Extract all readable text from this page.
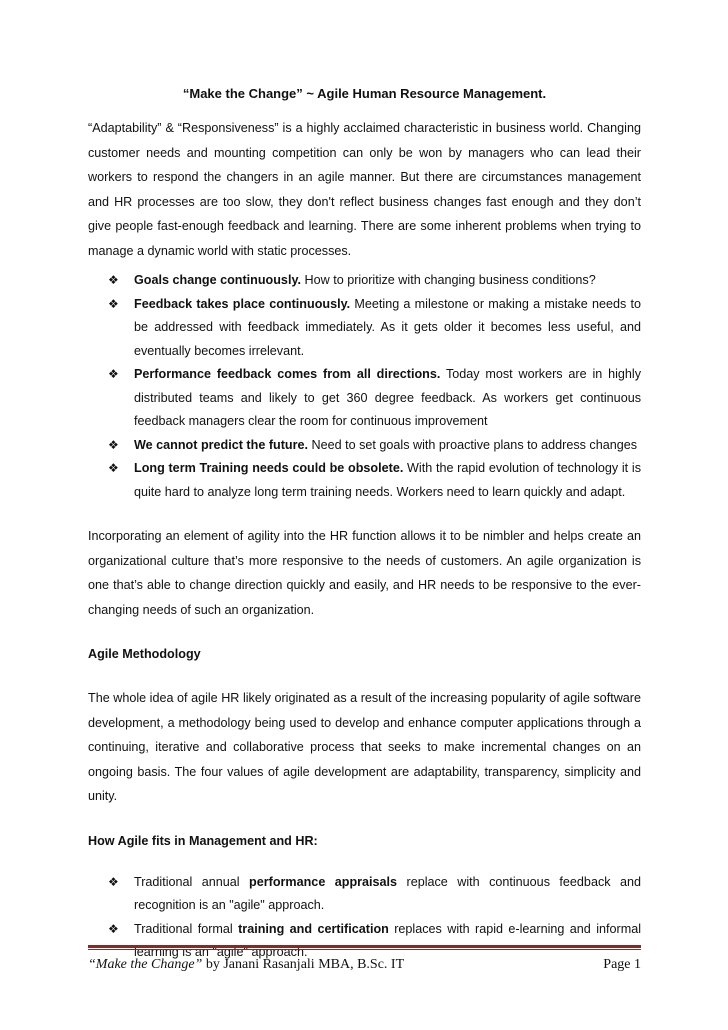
“Make the Change” ~ Agile Human Resource Management.

“Adaptability” & “Responsiveness” is a highly acclaimed characteristic in business world. Changing customer needs and mounting competition can only be won by managers who can lead their workers to respond the changers in an agile manner. But there are circumstances management and HR processes are too slow, they don't reflect business changes fast enough and they don’t give people fast-enough feedback and learning. There are some inherent problems when trying to manage a dynamic world with static processes.

❖ Goals change continuously. How to prioritize with changing business conditions?
❖ Feedback takes place continuously. Meeting a milestone or making a mistake needs to be addressed with feedback immediately. As it gets older it becomes less useful, and eventually becomes irrelevant.
❖ Performance feedback comes from all directions. Today most workers are in highly distributed teams and likely to get 360 degree feedback. As workers get continuous feedback managers clear the room for continuous improvement
❖ We cannot predict the future. Need to set goals with proactive plans to address changes
❖ Long term Training needs could be obsolete. With the rapid evolution of technology it is quite hard to analyze long term training needs. Workers need to learn quickly and adapt.

Incorporating an element of agility into the HR function allows it to be nimbler and helps create an organizational culture that’s more responsive to the needs of customers. An agile organization is one that’s able to change direction quickly and easily, and HR needs to be responsive to the ever-changing needs of such an organization.

Agile Methodology

The whole idea of agile HR likely originated as a result of the increasing popularity of agile software development, a methodology being used to develop and enhance computer applications through a continuing, iterative and collaborative process that seeks to make incremental changes on an ongoing basis. The four values of agile development are adaptability, transparency, simplicity and unity.

How Agile fits in Management and HR:
❖ Traditional annual performance appraisals replace with continuous feedback and recognition is an "agile" approach.
❖ Traditional formal training and certification replaces with rapid e-learning and informal learning is an "agile" approach.
“Make the Change” by Janani Rasanjali MBA, B.Sc. IT	Page 1
